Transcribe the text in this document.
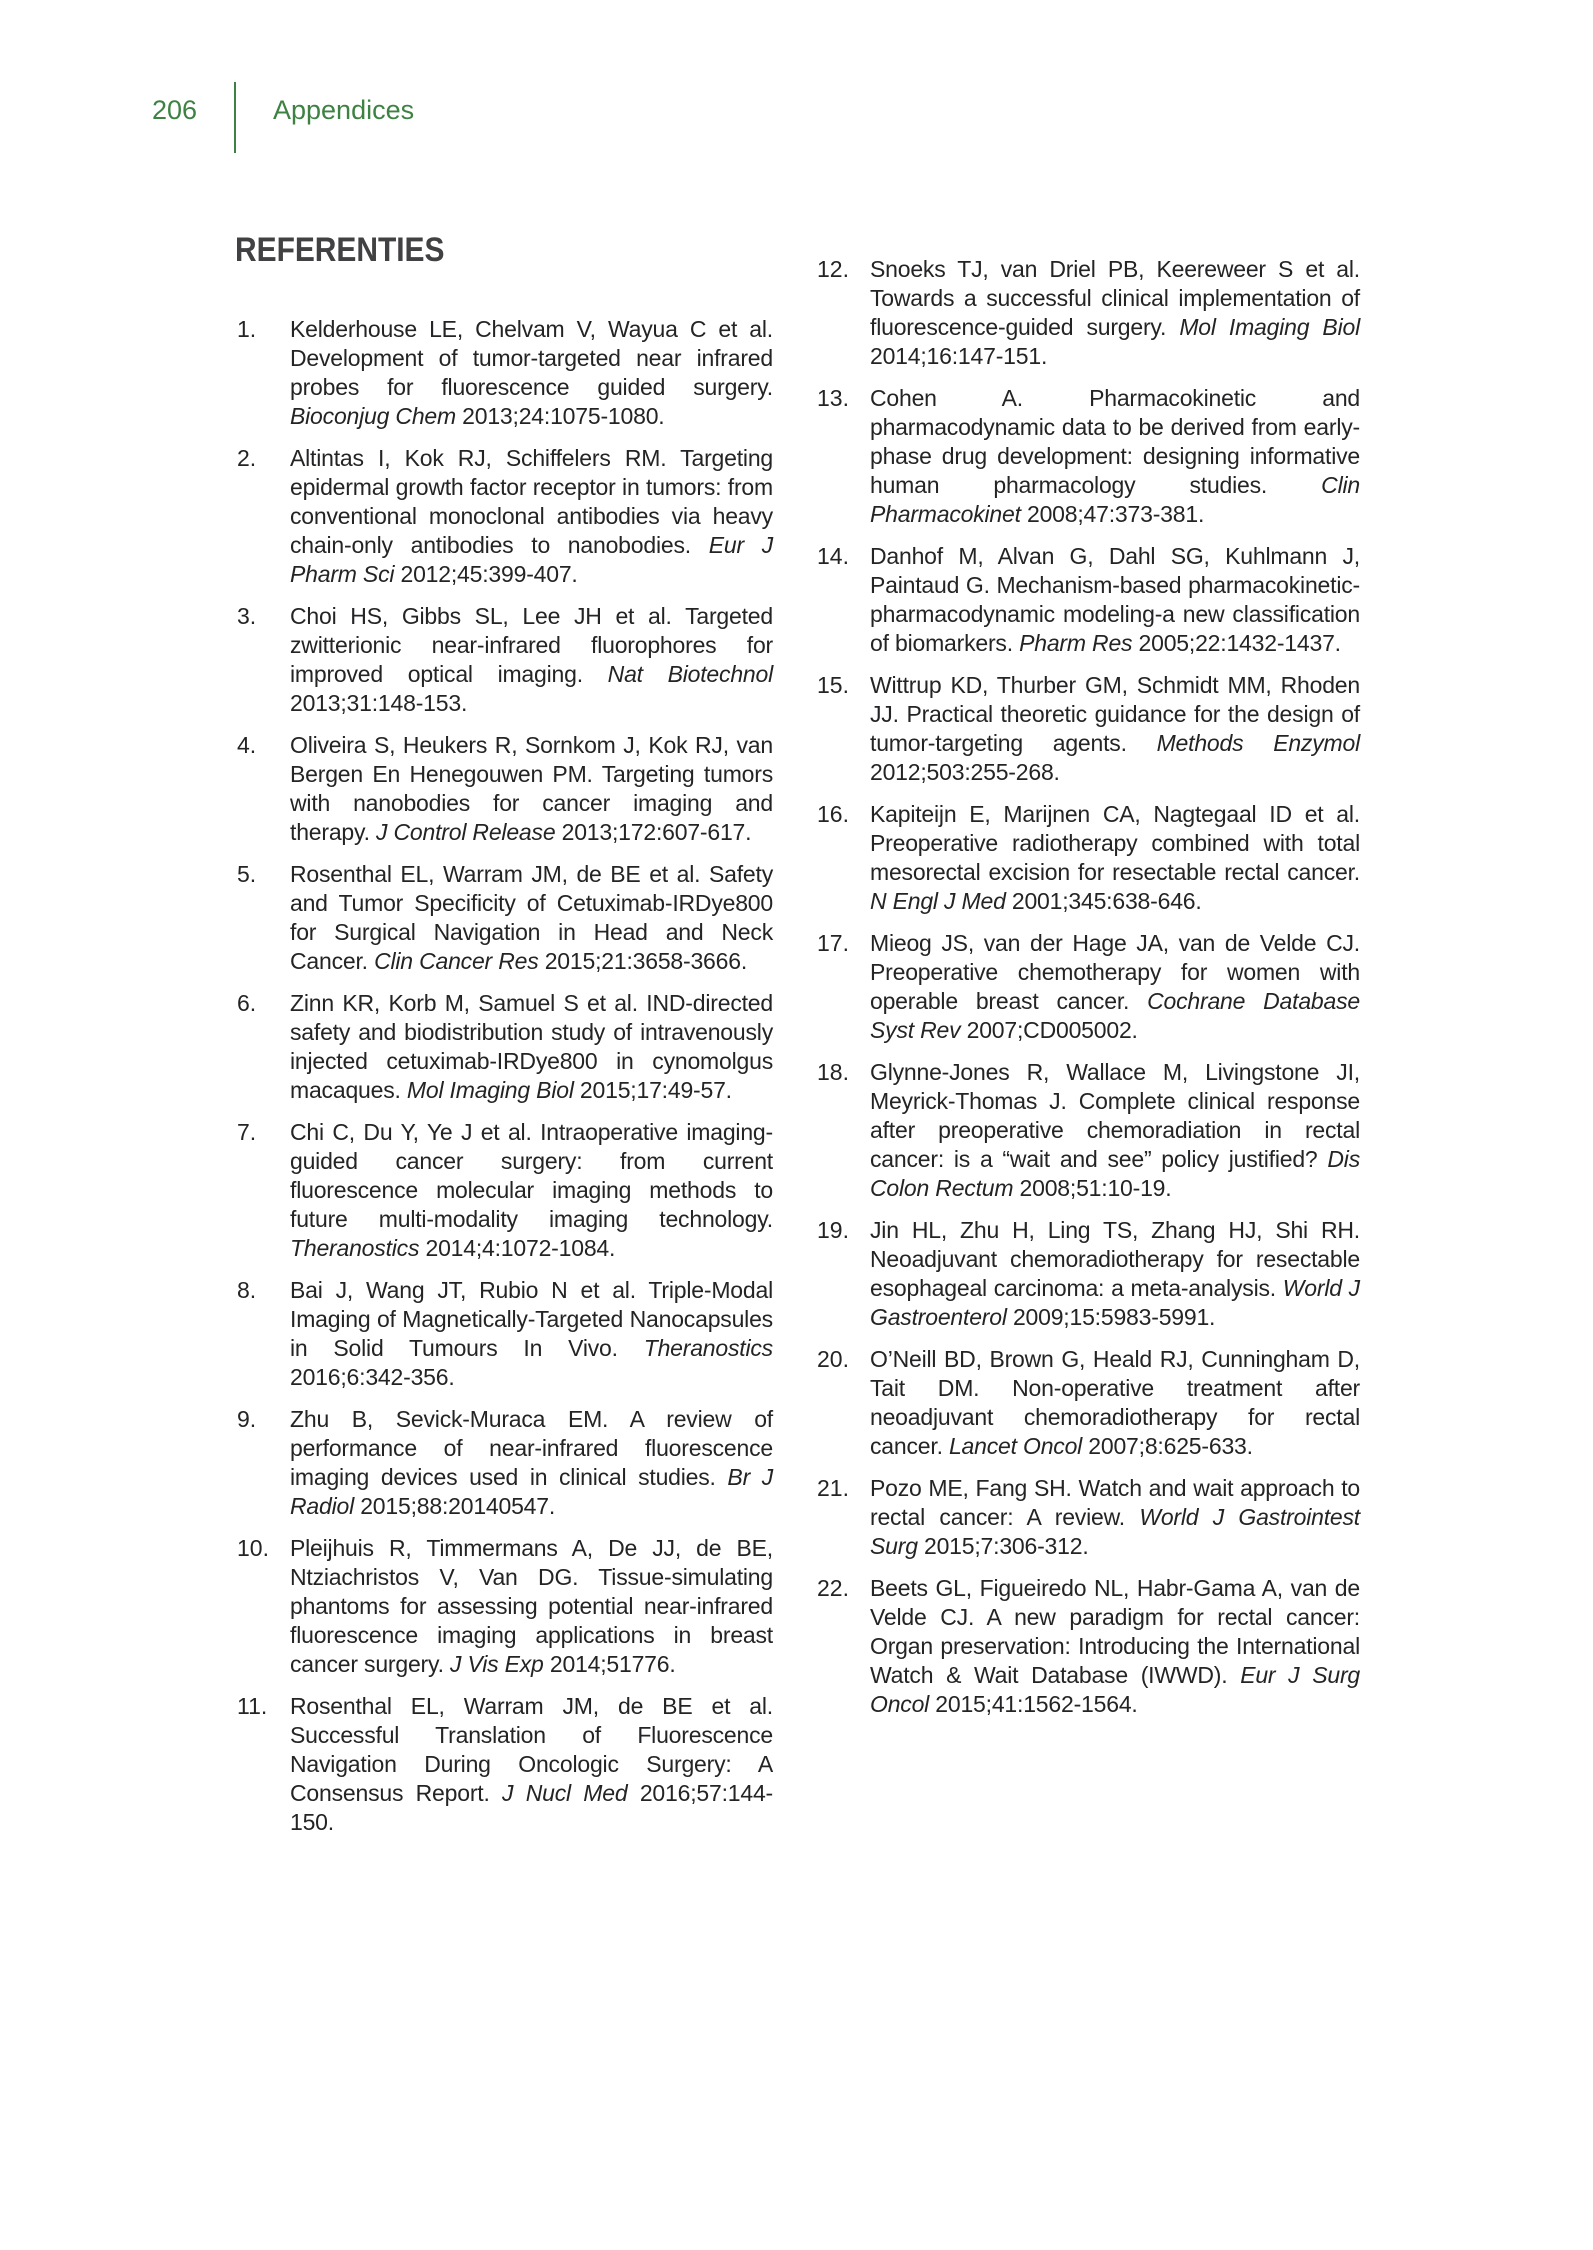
206	Appendices
REFERENTIES
1. Kelderhouse LE, Chelvam V, Wayua C et al. Development of tumor-targeted near infrared probes for fluorescence guided surgery. Bioconjug Chem 2013;24:1075-1080.
2. Altintas I, Kok RJ, Schiffelers RM. Targeting epidermal growth factor receptor in tumors: from conventional monoclonal antibodies via heavy chain-only antibodies to nanobodies. Eur J Pharm Sci 2012;45:399-407.
3. Choi HS, Gibbs SL, Lee JH et al. Targeted zwitterionic near-infrared fluorophores for improved optical imaging. Nat Biotechnol 2013;31:148-153.
4. Oliveira S, Heukers R, Sornkom J, Kok RJ, van Bergen En Henegouwen PM. Targeting tumors with nanobodies for cancer imaging and therapy. J Control Release 2013;172:607-617.
5. Rosenthal EL, Warram JM, de BE et al. Safety and Tumor Specificity of Cetuximab-IRDye800 for Surgical Navigation in Head and Neck Cancer. Clin Cancer Res 2015;21:3658-3666.
6. Zinn KR, Korb M, Samuel S et al. IND-directed safety and biodistribution study of intravenously injected cetuximab-IRDye800 in cynomolgus macaques. Mol Imaging Biol 2015;17:49-57.
7. Chi C, Du Y, Ye J et al. Intraoperative imaging-guided cancer surgery: from current fluorescence molecular imaging methods to future multi-modality imaging technology. Theranostics 2014;4:1072-1084.
8. Bai J, Wang JT, Rubio N et al. Triple-Modal Imaging of Magnetically-Targeted Nanocapsules in Solid Tumours In Vivo. Theranostics 2016;6:342-356.
9. Zhu B, Sevick-Muraca EM. A review of performance of near-infrared fluorescence imaging devices used in clinical studies. Br J Radiol 2015;88:20140547.
10. Pleijhuis R, Timmermans A, De JJ, de BE, Ntziachristos V, Van DG. Tissue-simulating phantoms for assessing potential near-infrared fluorescence imaging applications in breast cancer surgery. J Vis Exp 2014;51776.
11. Rosenthal EL, Warram JM, de BE et al. Successful Translation of Fluorescence Navigation During Oncologic Surgery: A Consensus Report. J Nucl Med 2016;57:144-150.
12. Snoeks TJ, van Driel PB, Keereweer S et al. Towards a successful clinical implementation of fluorescence-guided surgery. Mol Imaging Biol 2014;16:147-151.
13. Cohen A. Pharmacokinetic and pharmacodynamic data to be derived from early-phase drug development: designing informative human pharmacology studies. Clin Pharmacokinet 2008;47:373-381.
14. Danhof M, Alvan G, Dahl SG, Kuhlmann J, Paintaud G. Mechanism-based pharmacokinetic-pharmacodynamic modeling-a new classification of biomarkers. Pharm Res 2005;22:1432-1437.
15. Wittrup KD, Thurber GM, Schmidt MM, Rhoden JJ. Practical theoretic guidance for the design of tumor-targeting agents. Methods Enzymol 2012;503:255-268.
16. Kapiteijn E, Marijnen CA, Nagtegaal ID et al. Preoperative radiotherapy combined with total mesorectal excision for resectable rectal cancer. N Engl J Med 2001;345:638-646.
17. Mieog JS, van der Hage JA, van de Velde CJ. Preoperative chemotherapy for women with operable breast cancer. Cochrane Database Syst Rev 2007;CD005002.
18. Glynne-Jones R, Wallace M, Livingstone JI, Meyrick-Thomas J. Complete clinical response after preoperative chemoradiation in rectal cancer: is a “wait and see” policy justified? Dis Colon Rectum 2008;51:10-19.
19. Jin HL, Zhu H, Ling TS, Zhang HJ, Shi RH. Neoadjuvant chemoradiotherapy for resectable esophageal carcinoma: a meta-analysis. World J Gastroenterol 2009;15:5983-5991.
20. O’Neill BD, Brown G, Heald RJ, Cunningham D, Tait DM. Non-operative treatment after neoadjuvant chemoradiotherapy for rectal cancer. Lancet Oncol 2007;8:625-633.
21. Pozo ME, Fang SH. Watch and wait approach to rectal cancer: A review. World J Gastrointest Surg 2015;7:306-312.
22. Beets GL, Figueiredo NL, Habr-Gama A, van de Velde CJ. A new paradigm for rectal cancer: Organ preservation: Introducing the International Watch & Wait Database (IWWD). Eur J Surg Oncol 2015;41:1562-1564.
